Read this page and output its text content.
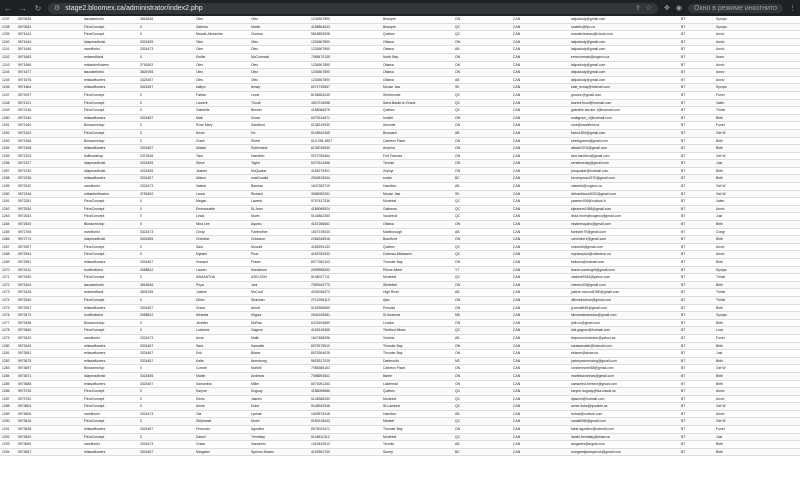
← → ↻ ⚙ stage2.bloomex.ca/administrator/index2.php	⇪ ☆ ✥ ◉	Окно в режиме инкогнито	⋮
1237	5970636	lascaiseforist	3816636	Oleo	Oleo	1234567890	Beaupré	ON	CAN	latipadudy@gmail.com	BT	Sympa
1238	5970642	FleurConcept	0	Sabrina	Martin	4158864633	Beaupré	QC	CAN	smartin@fye.ca	BT	Sympa
1239	5971643	FleurConcept	0	Maude-Alexandre	Cloreau	5818853008	Québec	QC	CAN	maudecleveau@icloud.com	BT	Anniv
1240	5971644	lolapreadforist	3324455	Oleo	Oleo	1234567890	Ottawa	ON	CAN	latipadudy@gmail.com	BT	Anniv
1241	5971646	nannflorist	3324473	Oleo	Oleo	1234567890	Ottawa	AB	CAN	latipadudy@gmail.com	BT	Anniv
1242	5971663	redwestfloral	0	Emilie	McCormack	7058470135	North Bay	ON	CAN	emccormack@cogeco.ca	BT	None
1243	5971666	mtbankerflowers	3751602	Oleo	Oleo	1234567890	Ottawa	ON	CAN	latipadudy@gmail.com	BT	Anniv
1244	5971677	lascaiseforist	3826765	Oleo	Oleo	1234567890	Ottawa	ON	CAN	latipadudy@gmail.com	BT	Anniv
1245	5971676	rellaswflowers	3324457	Oleo	Oleo	1234567890	Ottawa	AB	CAN	latipadudy@gmail.com	BT	Anniv
1246	5971664	rellaswflowers	3324457	kaitlyn	lemay	6074739657	Moose Jaw	SK	CAN	kate_lemay@hotmail.com	BT	Sympa
1247	5972097	FleurConcept	0	Fabien	Leval	8196653245	Sherbrooke	QC	CAN	gnoonn@gmail.com	BT	Funer
1248	5972121	FleurConcept	0	Laurent	Thoult	4507216058	Saint-Basile-le-Grand	QC	CAN	laurent.thoul@hotmail.com	BT	Valen
1249	5972136	FleurConcept	0	Gabrielle	Bernier	4188086575	Québec	QC	CAN	gabrielle.bernier.1@hotmail.com	BT	Thinki
1250	5972140	rellaswflowers	3324457	Matt	Grove	6075214671	Innisfil	ON	CAN	mattgrove_1@hotmail.com	BT	Birth
1251	5972160	Blossomshop	0	Rose Mary	Sandford	6138219930	Almonte	ON	CAN	rose@sandfield.ca	BT	Funer
1252	5972163	FleurConcept	0	Kevin	Ho	5145542365	Brossard	AB	CAN	kwho1894@gmail.com	BT	Get W
1253	5972166	Blossomshop	0	Grant	Street	613-296-4807	Carleton Place	ON	CAN	streetgrants@gmail.com	BT	Birth
1254	5972168	rellaswflowers	3324457	Alistair	Sutherland	6135016530	Arnprior	ON	CAN	alistair2201@gmail.com	BT	Birth
1255	5972203	fioffloralshop	2373436	Tara	Hamilton	9072769464	Fort Frances	ON	CAN	tara.hamilton@gmail.com	BT	Get W
1256	5972227	lolapreadforist	3324455	Steve	Taylor	6473314466	Toronto	ON	CAN	sensteveday@gmail.com	BT	Just
1257	5972230	lolapreadforist	3324455	Jeanne	McQuaker	4165279301	Zéphyr	ON	CAN	jmcquaker@hotmail.com	BT	Birth
1258	5972238	rellaswflowers	3324457	Allison	macDonald	2504815344	sooke	BC	CAN	kernmymac1970@gmail.com	BT	Birth
1259	5972242	nannflorist	3324473	Valerie	Barreau	1647283719	Hamilton	AB	CAN	valerieb@cogeco.ca	BT	Get W
1260	5972246	mtbankerflowers	3751602	Laura	Richard	3066052261	Moose Jaw	SK	CAN	lrichardlaura2020@gmail.com	BT	Get W
1261	5972281	FleurConcept	0	Megan	Lavertu	5797437336	Montréal	QC	CAN	yaamex006@outlook.fr	BT	Valen
1262	5972530	FleurConcept	0	Emmanuelle	St-Jean	4189068924	Gatineau	QC	CAN	stjeanem1985@gmail.com	BT	Anniv
1263	5972643	FleurConcept	0	Linda	Morin	5144862350	Vaudreuil	QC	CAN	linda.morin@cogeco@gmail.com	BT	Just
1264	5972630	Blossomshop	0	Nina Lee	Aquino	4167286661	Ottawa	ON	CAN	ninaleeaquino@gmail.com	BT	Birth
1265	5972765	nannflorist	3324473	Cindy	Fairbrother	1607378030	Marlborough	AB	CAN	fairinder79@gmail.com	BT	Congr
1266	5972774	lolapreadforist	3324455	Christine	Chiasson	2266348916	Brantford	ON	CAN	cchristine1@gmail.com	BT	Birth
1267	5972907	FleurConcept	0	Said	Mouridi	4189294133	Québec	QC	CAN	smouridi@gmail.com	BT	Anniv
1268	5972944	FleurConcept	0	Myriam	Picci	4183782532	Dolbeau-Mistassini	QC	CAN	myriampicci@videotron.ca	BT	Anniv
1269	5972991	rellaswflowers	3324457	Howard	Fraser	8077260103	Thunder Bay	ON	CAN	hellowo@hotmail.com	BT	Birth
1270	5973112	bunitiloflorist	2658812	Lauren	Nordstrom	2699958262	Prince Albert	YT	CAN	lauren.savenight@gmail.com	BT	Sympa
1271	5973150	FleurConcept	0	SAMANTHA	AZELSON	5148027711	Montréal	QC	CAN	vladimir5944@yahoo.com	BT	Thinki
1272	5973164	lascaiseforist	3816636	Priya	Jani	7059163770	Whitefish	ON	CAN	chesmo03@gmail.com	BT	Birth
1273	5973228	redwestfloral	3826765	Justine	McCord	4033036373	High River	AB	CAN	justine.mccord1990@gmail.com	BT	Thinki
1274	5973240	FleurConcept	0	Dillon	Strachan	2712256113	Ajax	ON	CAN	dillonstrachan@gmail.com	BT	Thinki
1275	5973397	rellaswflowers	3324457	Grace	Arnott	5193356589	Prescila	ON	CAN	g.arnott645@gmail.com	BT	Birth
1276	5973473	bunitiloflorist	2658812	Miranda	Kilgour	2644108481	St Andrews	NB	CAN	kilmandaestradas@gmail.com	BT	Sympa
1277	5973458	Blossomshop	0	Jennifer	McRae	6478204659	London	ON	CAN	jmth.m@gmail.com	BT	Birth
1278	5973460	FleurConcept	0	Ludovick	Gagnon	4183145365	Thetford Mines	QC	CAN	lobi.gagnon@hotmail.com	BT	Love
1279	5973420	nannflorist	3324473	Anne	Malik	1647488096	Victoria	AB	CAN	leeprovencherane@yahoo.ca	BT	Funer
1280	5973444	rellaswflowers	3324457	Sara	Kamalek	8075275910	Thunder Bay	ON	CAN	sarakamalek@hotmail.com	BT	Birth
1281	5973551	rellaswflowers	3324457	Erik	Blazer	8075264025	Thunder Bay	ON	CAN	eblazer@shaw.ca	BT	Just
1282	5973675	rellaswflowers	3324457	Katie	Armstrong	9625317029	Dartmouth	NS	CAN	justmyownmoving@gmail.com	BT	Birth
1283	5973697	Blossomshop	0	Connie	McNeil	7058386153	Carleton Place	ON	CAN	conniemcneil68@gmail.com	BT	Get W
1284	5973671	lolapreadforist	3324455	Martin	Andrews	7058592841	Barrie	ON	CAN	martinbandrews@gmail.com	BT	Birth
1285	5973688	rellaswflowers	3324457	Samantha	Miller	8073051263	Lakehead	ON	CAN	samantha.brinvnn@gmail.com	BT	Birth
1286	5973726	FleurConcept	0	Karyne	Duguay	4188098686	Québec	QC	CAN	karyne.duguay@fsa.ulaval.ca	BT	Anniv
1287	5973752	FleurConcept	0	Denis	Jasmin	5148368250	Montréal	QC	CAN	djasmin@hotmail.com	BT	Anniv
1288	5973804	FleurConcept	0	Annie	Dubé	5148942946	St-Lambert	QC	CAN	annie.dube@qscable.ca	BT	Get W
1289	5973606	nannflorist	3324473	Ola	Lychak	1609576318	Hamilton	AB	CAN	lcchak@outlook.com	BT	Anniv
1290	5973615	FleurConcept	0	Stéphanie	Morin	5150218443	Mirabel	QC	CAN	nanal6086@gmail.com	BT	Get W
1291	5973638	rellaswflowers	3324457	Ferruccio	Agostino	8075024471	Thunder Bay	ON	CAN	fabie.agostino@hotmail.com	BT	Funer
1292	5973640	FleurConcept	0	Daniel	Tremblay	5144811312	Montréal	QC	CAN	daniel.tremblay@shaw.ca	BT	Just
1293	5973669	nannflorist	3324473	Grace	Vazzanini	1419420912	Toronto	AB	CAN	lwsganes@ingels.com	BT	Birth
1294	5973697	rellaswflowers	3324457	Margaret	Spence-Bowen	4192551709	Surrey	BC	CAN	margaretjeanspence@gmail.com	BT	Birth
